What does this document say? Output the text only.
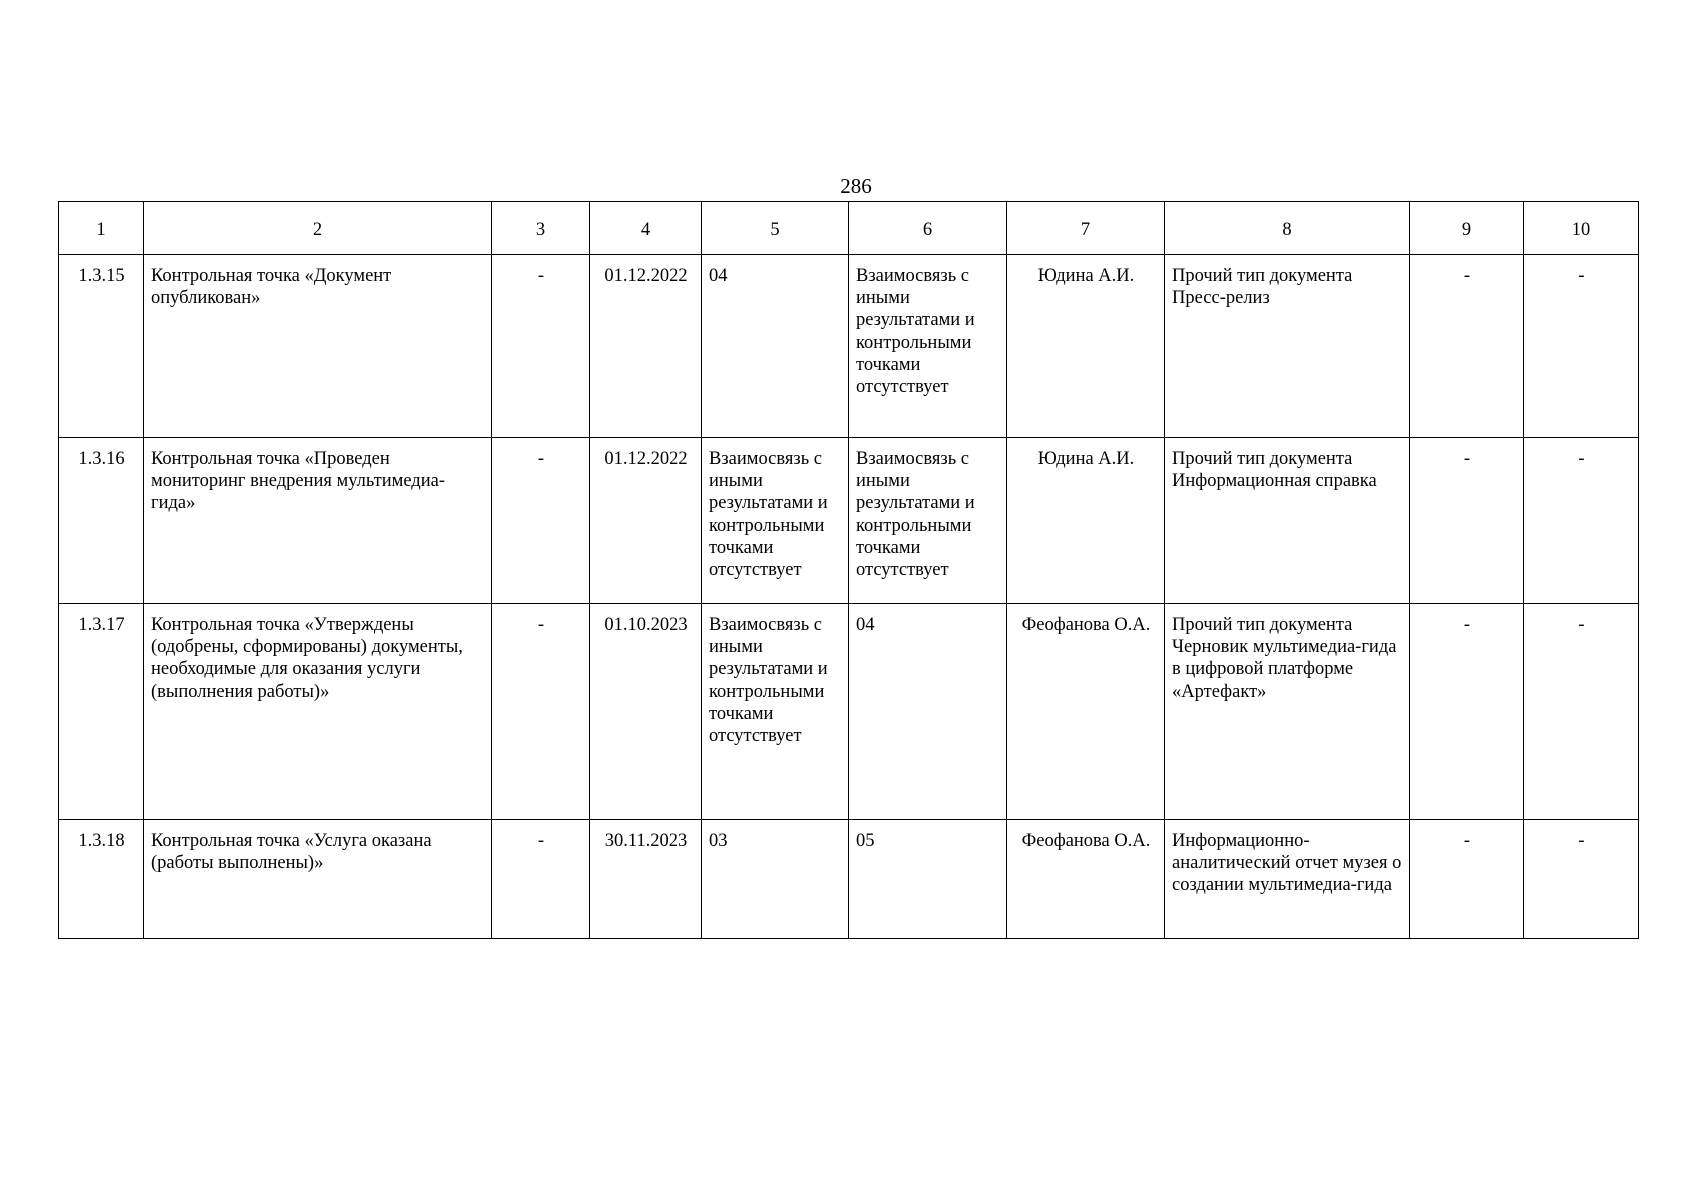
286
1	2	3	4	5	6	7	8	9	10
1.3.15	Контрольная точка «Документ опубликован»	-	01.12.2022	04	Взаимосвязь с иными результатами и контрольными точками отсутствует	Юдина А.И.	Прочий тип документа Пресс-релиз	-	-
1.3.16	Контрольная точка «Проведен мониторинг внедрения мультимедиа-гида»	-	01.12.2022	Взаимосвязь с иными результатами и контрольными точками отсутствует	Взаимосвязь с иными результатами и контрольными точками отсутствует	Юдина А.И.	Прочий тип документа Информационная справка	-	-
1.3.17	Контрольная точка «Утверждены (одобрены, сформированы) документы, необходимые для оказания услуги (выполнения работы)»	-	01.10.2023	Взаимосвязь с иными результатами и контрольными точками отсутствует	04	Феофанова О.А.	Прочий тип документа Черновик мультимедиа-гида в цифровой платформе «Артефакт»	-	-
1.3.18	Контрольная точка «Услуга оказана (работы выполнены)»	-	30.11.2023	03	05	Феофанова О.А.	Информационно-аналитический отчет музея о создании мультимедиа-гида	-	-
